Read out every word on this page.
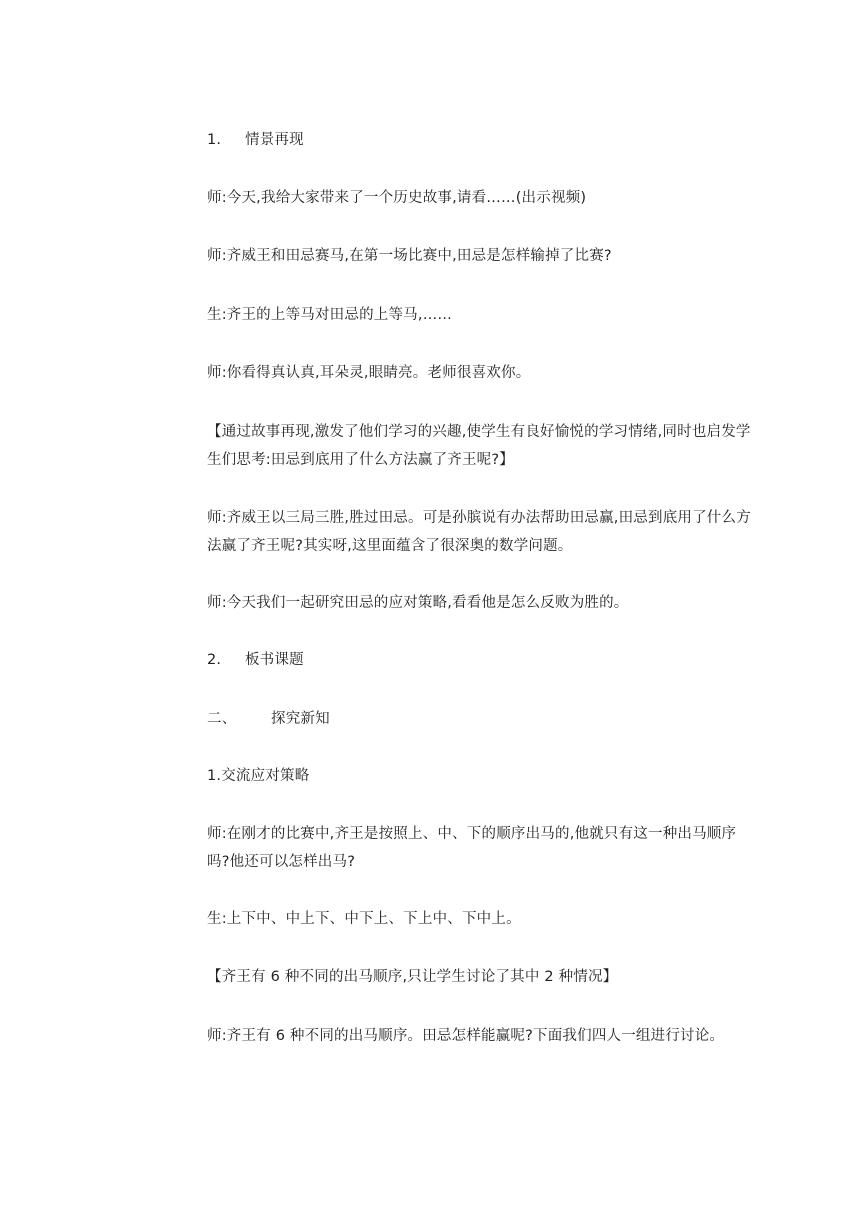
1. 情景再现
师:今天,我给大家带来了一个历史故事,请看……(出示视频)
师:齐威王和田忌赛马,在第一场比赛中,田忌是怎样输掉了比赛?
生:齐王的上等马对田忌的上等马,……
师:你看得真认真,耳朵灵,眼睛亮。老师很喜欢你。
【通过故事再现,激发了他们学习的兴趣,使学生有良好愉悦的学习情绪,同时也启发学生们思考:田忌到底用了什么方法赢了齐王呢?】
师:齐威王以三局三胜,胜过田忌。可是孙膑说有办法帮助田忌赢,田忌到底用了什么方法赢了齐王呢?其实呀,这里面蕴含了很深奥的数学问题。
师:今天我们一起研究田忌的应对策略,看看他是怎么反败为胜的。
2. 板书课题
二、 探究新知
1.交流应对策略
师:在刚才的比赛中,齐王是按照上、中、下的顺序出马的,他就只有这一种出马顺序吗?他还可以怎样出马?
生:上下中、中上下、中下上、下上中、下中上。
【齐王有 6 种不同的出马顺序,只让学生讨论了其中 2 种情况】
师:齐王有 6 种不同的出马顺序。田忌怎样能赢呢?下面我们四人一组进行讨论。
